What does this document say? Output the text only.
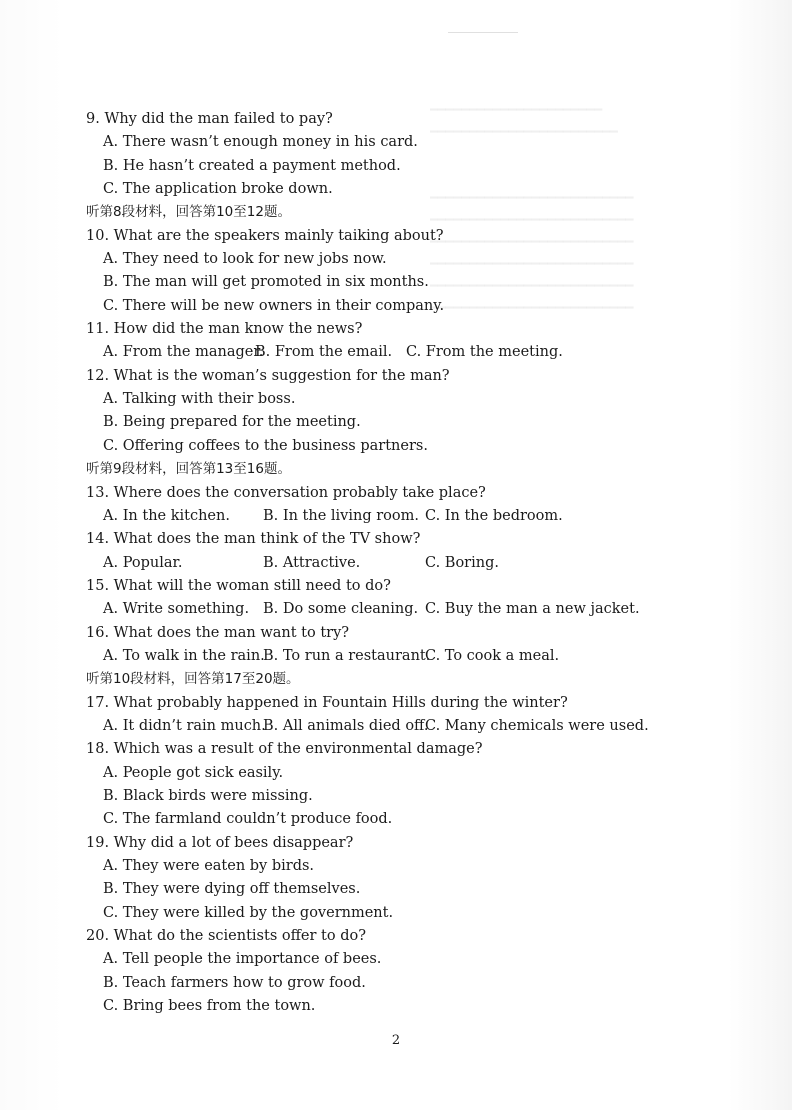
━━━━━━━━━━━━━━━━━━━━━━
━━━━━━━━━━━━━━━━━━━━━━━━

━━━━━━━━━━━━━━━━━━━━━━━━━━
━━━━━━━━━━━━━━━━━━━━━━━━━━
━━━━━━━━━━━━━━━━━━━━━━━━━━
━━━━━━━━━━━━━━━━━━━━━━━━━━
━━━━━━━━━━━━━━━━━━━━━━━━━━
━━━━━━━━━━━━━━━━━━━━━━━━━━
9. Why did the man failed to pay?
A. There wasn’t enough money in his card.
B. He hasn’t created a payment method.
C. The application broke down.
听第8段材料，回答第10至12题。
10. What are the speakers mainly taiking about?
A. They need to look for new jobs now.
B. The man will get promoted in six months.
C. There will be new owners in their company.
11. How did the man know the news?
A. From the manager.B. From the email. C. From the meeting.
12. What is the woman’s suggestion for the man?
A. Talking with their boss.
B. Being prepared for the meeting.
C. Offering coffees to the business partners.
听第9段材料，回答第13至16题。
13. Where does the conversation probably take place?
A. In the kitchen. B. In the living room. C. In the bedroom.
14. What does the man think of the TV show?
A. Popular.	B. Attractive.	C. Boring.
15. What will the woman still need to do?
A. Write something. B. Do some cleaning. C. Buy the man a new jacket.
16. What does the man want to try?
A. To walk in the rain.B. To run a restaurant.C. To cook a meal.
听第10段材料，回答第17至20题。
17. What probably happened in Fountain Hills during the winter?
A. It didn’t rain much.B. All animals died off.C. Many chemicals were used.
18. Which was a result of the environmental damage?
A. People got sick easily.
B. Black birds were missing.
C. The farmland couldn’t produce food.
19. Why did a lot of bees disappear?
A. They were eaten by birds.
B. They were dying off themselves.
C. They were killed by the government.
20. What do the scientists offer to do?
A. Tell people the importance of bees.
B. Teach farmers how to grow food.
C. Bring bees from the town.
2
